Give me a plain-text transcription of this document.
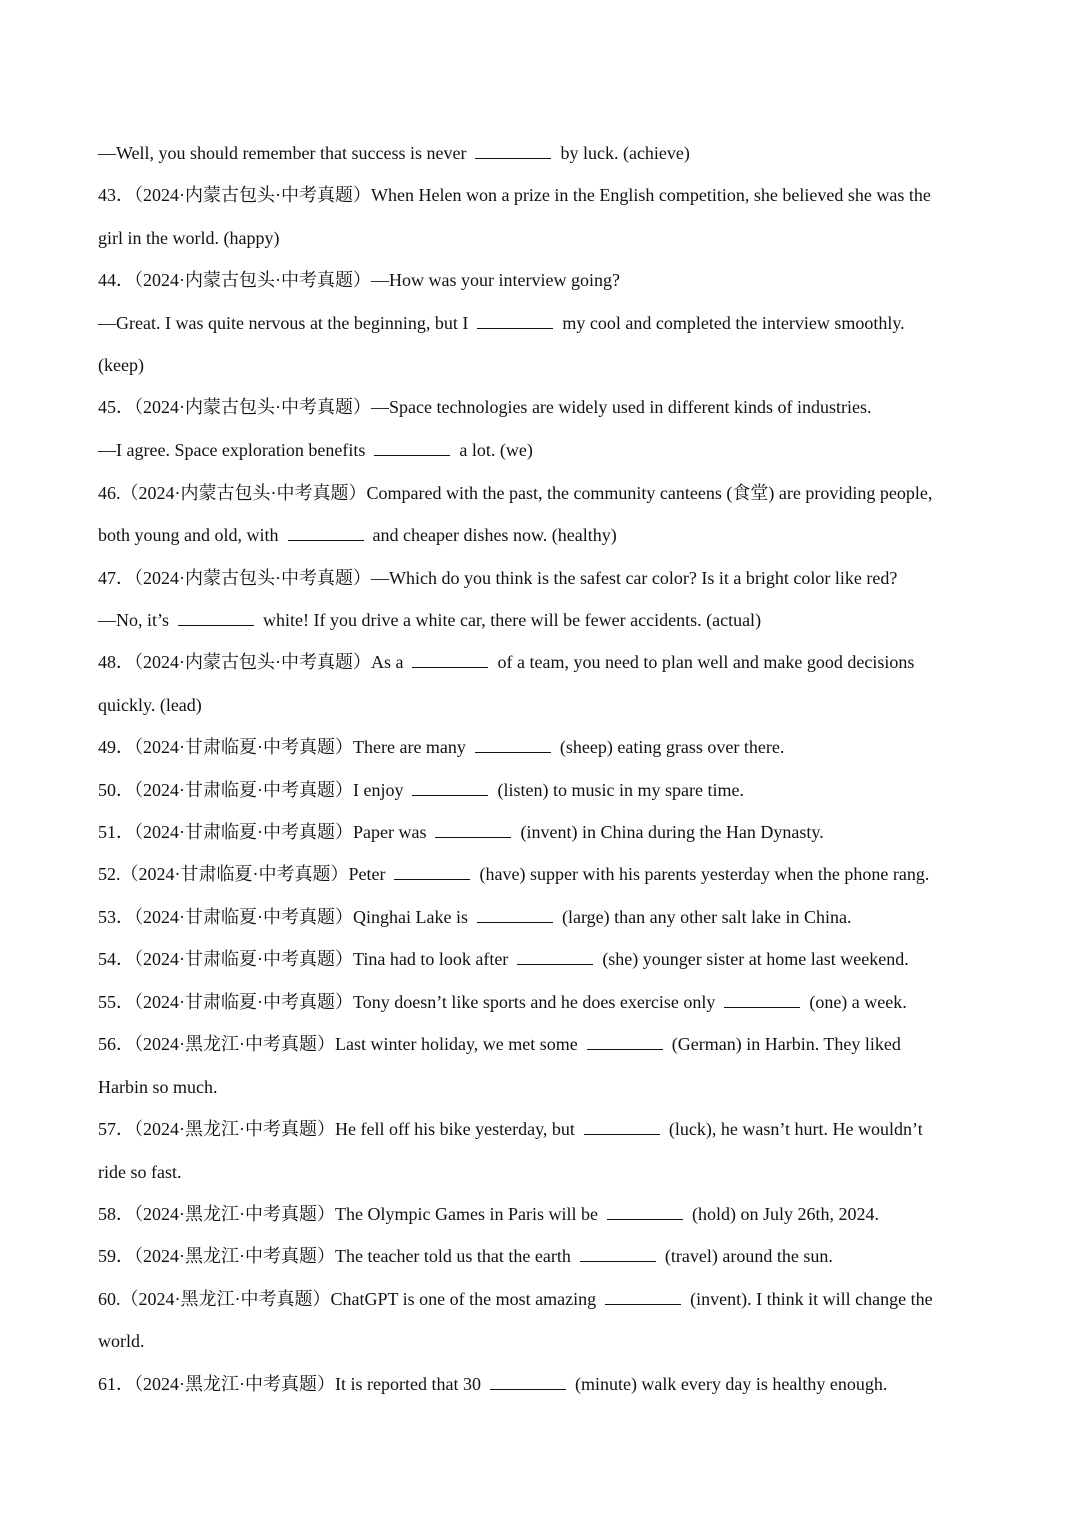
—Well, you should remember that success is never	by luck. (achieve)
43．（2024·内蒙古包头·中考真题）When Helen won a prize in the English competition, she believed she was the
girl in the world. (happy)
44．（2024·内蒙古包头·中考真题）—How was your interview going?
—Great. I was quite nervous at the beginning, but I	my cool and completed the interview smoothly.
(keep)
45．（2024·内蒙古包头·中考真题）—Space technologies are widely used in different kinds of industries.
—I agree. Space exploration benefits	a lot. (we)
46.（2024·内蒙古包头·中考真题）Compared with the past, the community canteens (食堂) are providing people,
both young and old, with	and cheaper dishes now. (healthy)
47．（2024·内蒙古包头·中考真题）—Which do you think is the safest car color? Is it a bright color like red?
—No, it’s	white! If you drive a white car, there will be fewer accidents. (actual)
48．（2024·内蒙古包头·中考真题）As a	of a team, you need to plan well and make good decisions
quickly. (lead)
49．（2024·甘肃临夏·中考真题）There are many	(sheep) eating grass over there.
50．（2024·甘肃临夏·中考真题）I enjoy	(listen) to music in my spare time.
51．（2024·甘肃临夏·中考真题）Paper was	(invent) in China during the Han Dynasty.
52.（2024·甘肃临夏·中考真题）Peter	(have) supper with his parents yesterday when the phone rang.
53．（2024·甘肃临夏·中考真题）Qinghai Lake is	(large) than any other salt lake in China.
54．（2024·甘肃临夏·中考真题）Tina had to look after	(she) younger sister at home last weekend.
55．（2024·甘肃临夏·中考真题）Tony doesn’t like sports and he does exercise only	(one) a week.
56．（2024·黑龙江·中考真题）Last winter holiday, we met some	(German) in Harbin. They liked
Harbin so much.
57．（2024·黑龙江·中考真题）He fell off his bike yesterday, but	(luck), he wasn’t hurt. He wouldn’t
ride so fast.
58．（2024·黑龙江·中考真题）The Olympic Games in Paris will be	(hold) on July 26th, 2024.
59．（2024·黑龙江·中考真题）The teacher told us that the earth	(travel) around the sun.
60.（2024·黑龙江·中考真题）ChatGPT is one of the most amazing	(invent). I think it will change the
world.
61．（2024·黑龙江·中考真题）It is reported that 30	(minute) walk every day is healthy enough.
